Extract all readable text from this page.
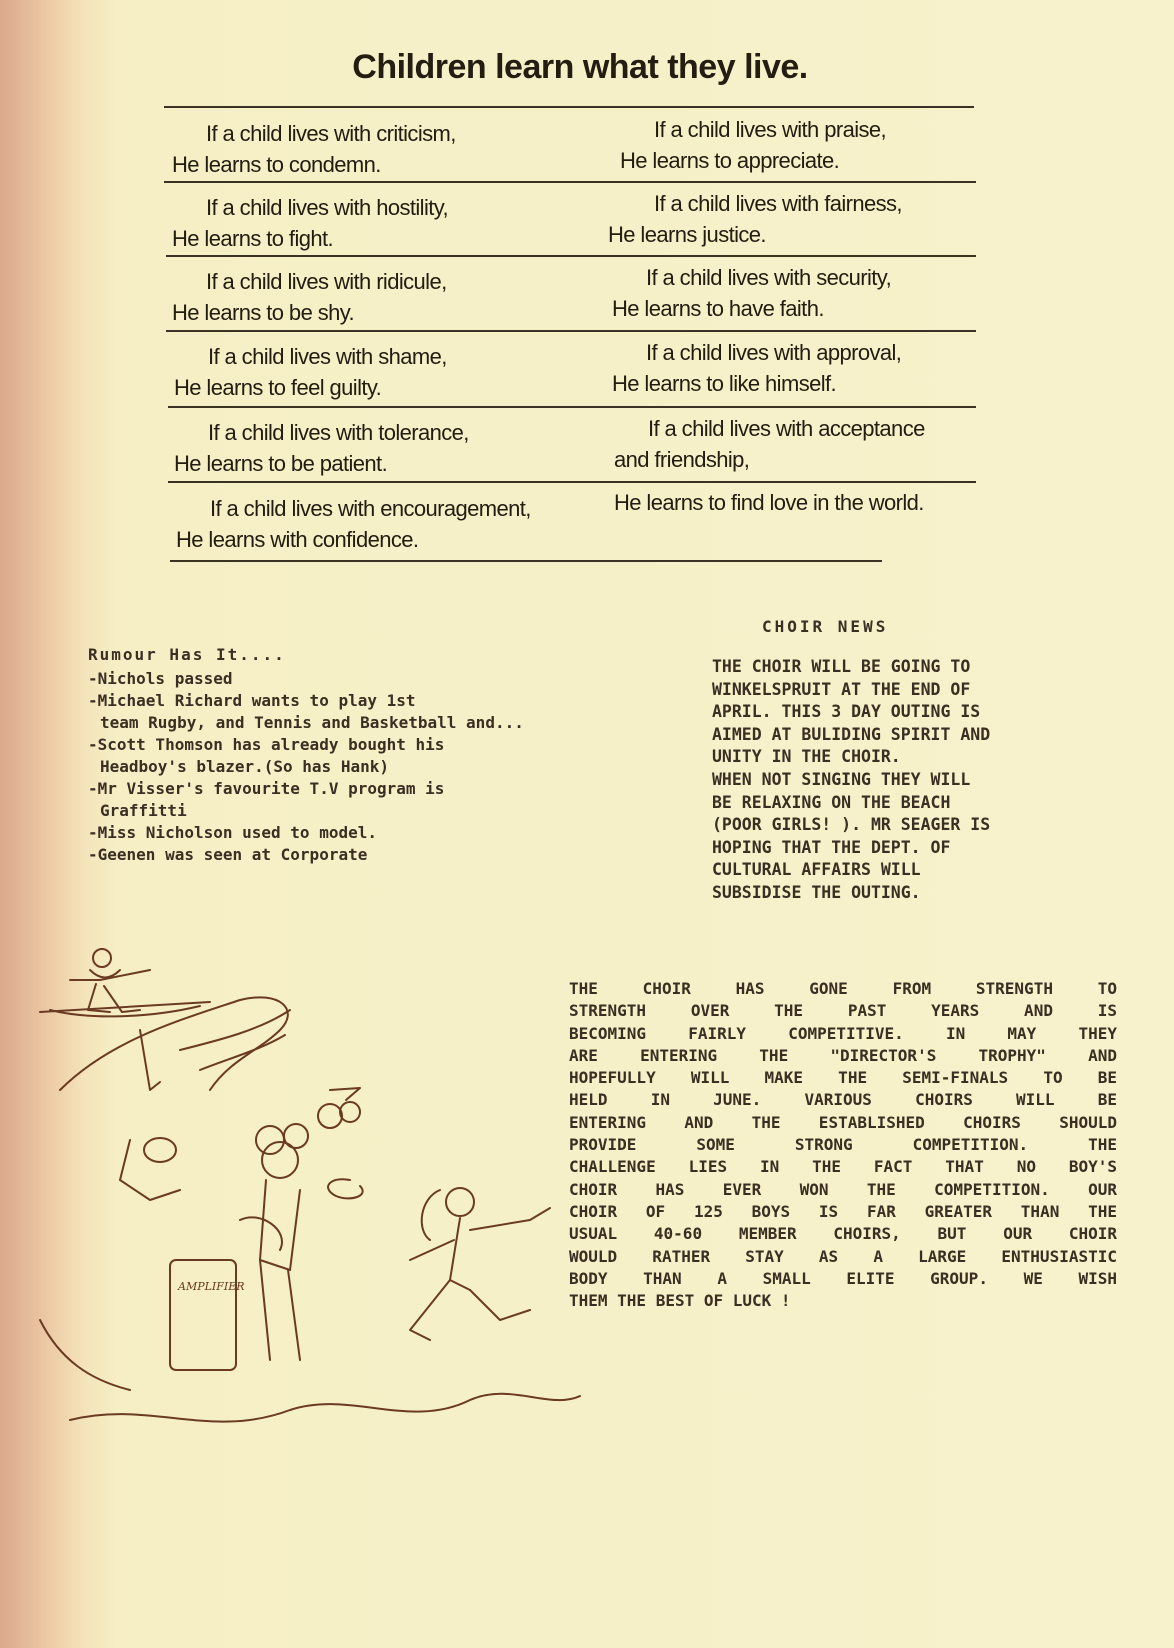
Children learn what they live.
If a child lives with criticism,
He learns to condemn.
If a child lives with praise,
He learns to appreciate.
If a child lives with hostility,
He learns to fight.
If a child lives with fairness,
He learns justice.
If a child lives with ridicule,
He learns to be shy.
If a child lives with security,
He learns to have faith.
If a child lives with shame,
He learns to feel guilty.
If a child lives with approval,
He learns to like himself.
If a child lives with tolerance,
He learns to be patient.
If a child lives with acceptance
and friendship,
If a child lives with encouragement,
He learns with confidence.
He learns to find love in the world.
Rumour Has It....
-Nichols passed
-Michael Richard wants to play 1st
team Rugby, and Tennis and Basketball and...
-Scott Thomson has already bought his
Headboy's blazer.(So has Hank)
-Mr Visser's favourite T.V program is
Graffitti
-Miss Nicholson used to model.
-Geenen was seen at Corporate
CHOIR NEWS
THE CHOIR WILL BE GOING TO
WINKELSPRUIT AT THE END OF
APRIL. THIS 3 DAY OUTING IS
AIMED AT BULIDING SPIRIT AND
UNITY IN THE CHOIR.
WHEN NOT SINGING THEY WILL
BE RELAXING ON THE BEACH
(POOR GIRLS! ). MR SEAGER IS
HOPING THAT THE DEPT. OF
CULTURAL AFFAIRS WILL
SUBSIDISE THE OUTING.
THE CHOIR HAS GONE FROM STRENGTH TO
STRENGTH OVER THE PAST YEARS AND IS
BECOMING FAIRLY COMPETITIVE. IN MAY THEY
ARE ENTERING THE "DIRECTOR'S TROPHY" AND
HOPEFULLY WILL MAKE THE SEMI-FINALS TO BE
HELD IN JUNE. VARIOUS CHOIRS WILL BE
ENTERING AND THE ESTABLISHED CHOIRS SHOULD
PROVIDE SOME STRONG COMPETITION. THE
CHALLENGE LIES IN THE FACT THAT NO BOY'S
CHOIR HAS EVER WON THE COMPETITION. OUR
CHOIR OF 125 BOYS IS FAR GREATER THAN THE
USUAL 40-60 MEMBER CHOIRS, BUT OUR CHOIR
WOULD RATHER STAY AS A LARGE ENTHUSIASTIC
BODY THAN A SMALL ELITE GROUP. WE WISH
THEM THE BEST OF LUCK !
AMPLIFIER
